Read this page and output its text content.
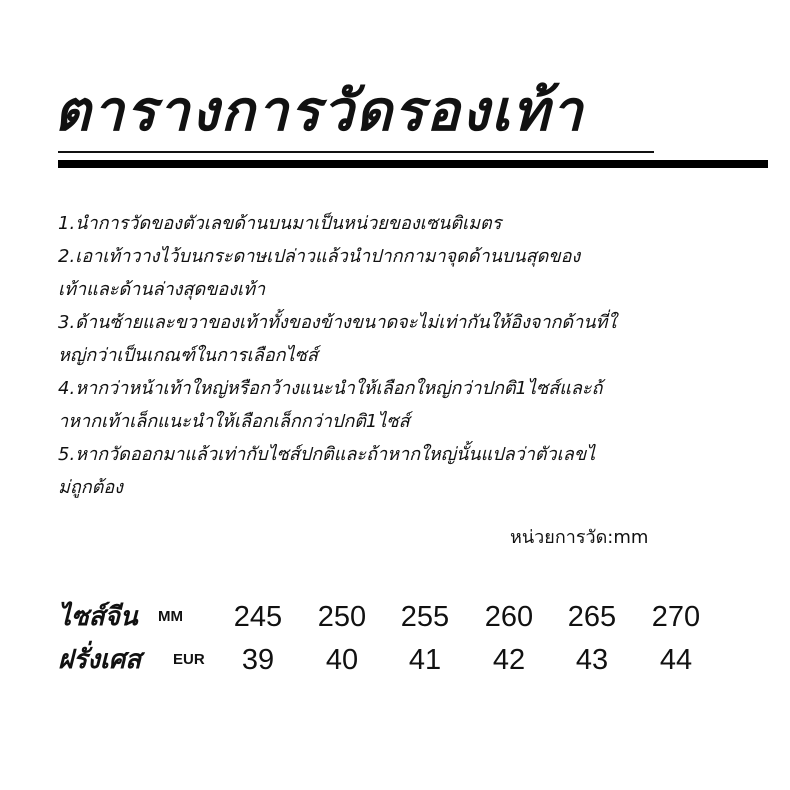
ตารางการวัดรองเท้า
1.นำการวัดของตัวเลขด้านบนมาเป็นหน่วยของเซนติเมตร
2.เอาเท้าวางไว้บนกระดาษเปล่าวแล้วนำปากกามาจุดด้านบนสุดของ
เท้าและด้านล่างสุดของเท้า
3.ด้านซ้ายและขวาของเท้าทั้งของข้างขนาดจะไม่เท่ากันให้อิงจากด้านที่ใ
หญ่กว่าเป็นเกณฑ์ในการเลือกไซส์
4.หากว่าหน้าเท้าใหญ่หรือกว้างแนะนำให้เลือกใหญ่กว่าปกติ1ไซส์และถ้
าหากเท้าเล็กแนะนำให้เลือกเล็กกว่าปกติ1ไซส์
5.หากวัดออกมาแล้วเท่ากับไซส์ปกติและถ้าหากใหญ่นั้นแปลว่าตัวเลขไ
ม่ถูกต้อง
หน่วยการวัด:mm
ไซส์จีน MM	245	250	255	260	265	270
ฝรั่งเศส EUR	39	40	41	42	43	44
